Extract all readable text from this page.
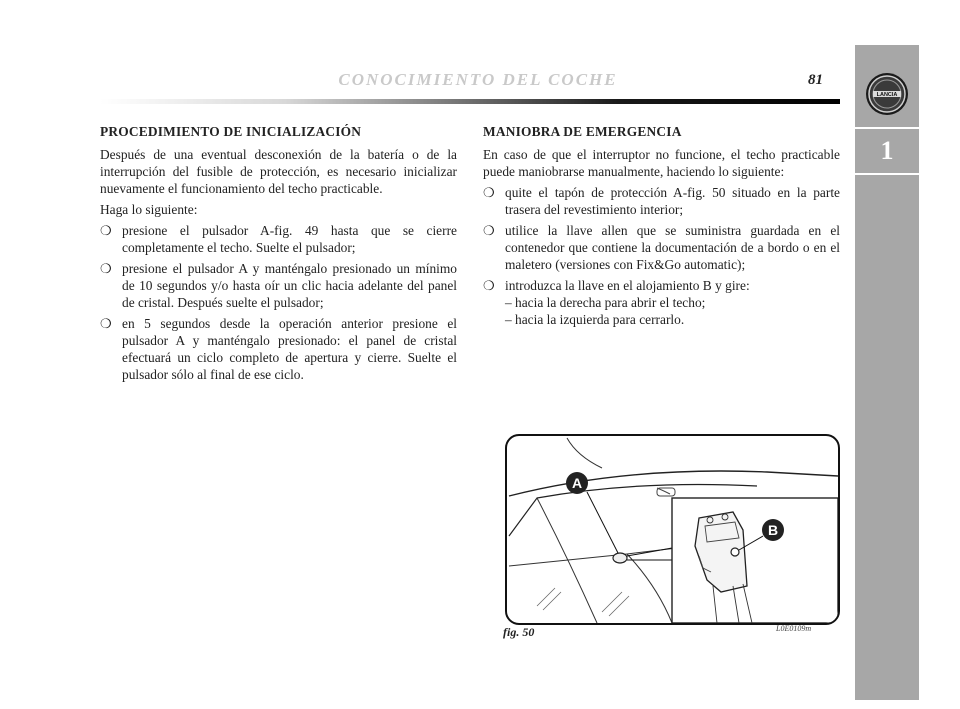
CONOCIMIENTO DEL COCHE	81
LANCIA
1
PROCEDIMIENTO DE INICIALIZACIÓN

Después de una eventual desconexión de la batería o de la interrupción del fusible de protección, es necesario inicializar nuevamente el funcionamiento del techo practicable.

Haga lo siguiente:

❍ presione el pulsador A-fig. 49 hasta que se cierre completamente el techo. Suelte el pulsador;
❍ presione el pulsador A y manténgalo presionado un mínimo de 10 segundos y/o hasta oír un clic hacia adelante del panel de cristal. Después suelte el pulsador;
❍ en 5 segundos desde la operación anterior presione el pulsador A y manténgalo presionado: el panel de cristal efectuará un ciclo completo de apertura y cierre. Suelte el pulsador sólo al final de ese ciclo.
MANIOBRA DE EMERGENCIA

En caso de que el interruptor no funcione, el techo practicable puede maniobrarse manualmente, haciendo lo siguiente:

❍ quite el tapón de protección A-fig. 50 situado en la parte trasera del revestimiento interior;
❍ utilice la llave allen que se suministra guardada en el contenedor que contiene la documentación de a bordo o en el maletero (versiones con Fix&Go automatic);
❍ introduzca la llave en el alojamiento B y gire:
– hacia la derecha para abrir el techo;
– hacia la izquierda para cerrarlo.
A
B
fig. 50	L0E0109m
